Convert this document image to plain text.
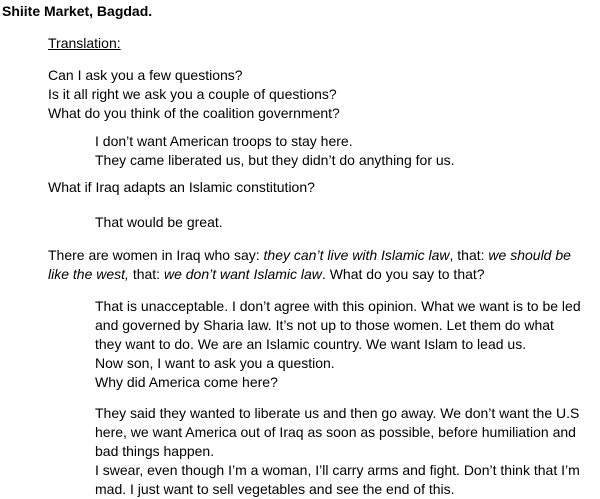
Shiite Market, Bagdad.

Translation:

Can I ask you a few questions?
Is it all right we ask you a couple of questions?
What do you think of the coalition government?

I don’t want American troops to stay here.
They came liberated us, but they didn’t do anything for us.

What if Iraq adapts an Islamic constitution?

That would be great.

There are women in Iraq who say: they can’t live with Islamic law, that: we should be
like the west, that: we don’t want Islamic law. What do you say to that?

That is unacceptable. I don’t agree with this opinion. What we want is to be led
and governed by Sharia law. It’s not up to those women. Let them do what
they want to do. We are an Islamic country. We want Islam to lead us.
Now son, I want to ask you a question.
Why did America come here?

They said they wanted to liberate us and then go away. We don’t want the U.S
here, we want America out of Iraq as soon as possible, before humiliation and
bad things happen.
I swear, even though I’m a woman, I’ll carry arms and fight. Don’t think that I’m
mad. I just want to sell vegetables and see the end of this.
